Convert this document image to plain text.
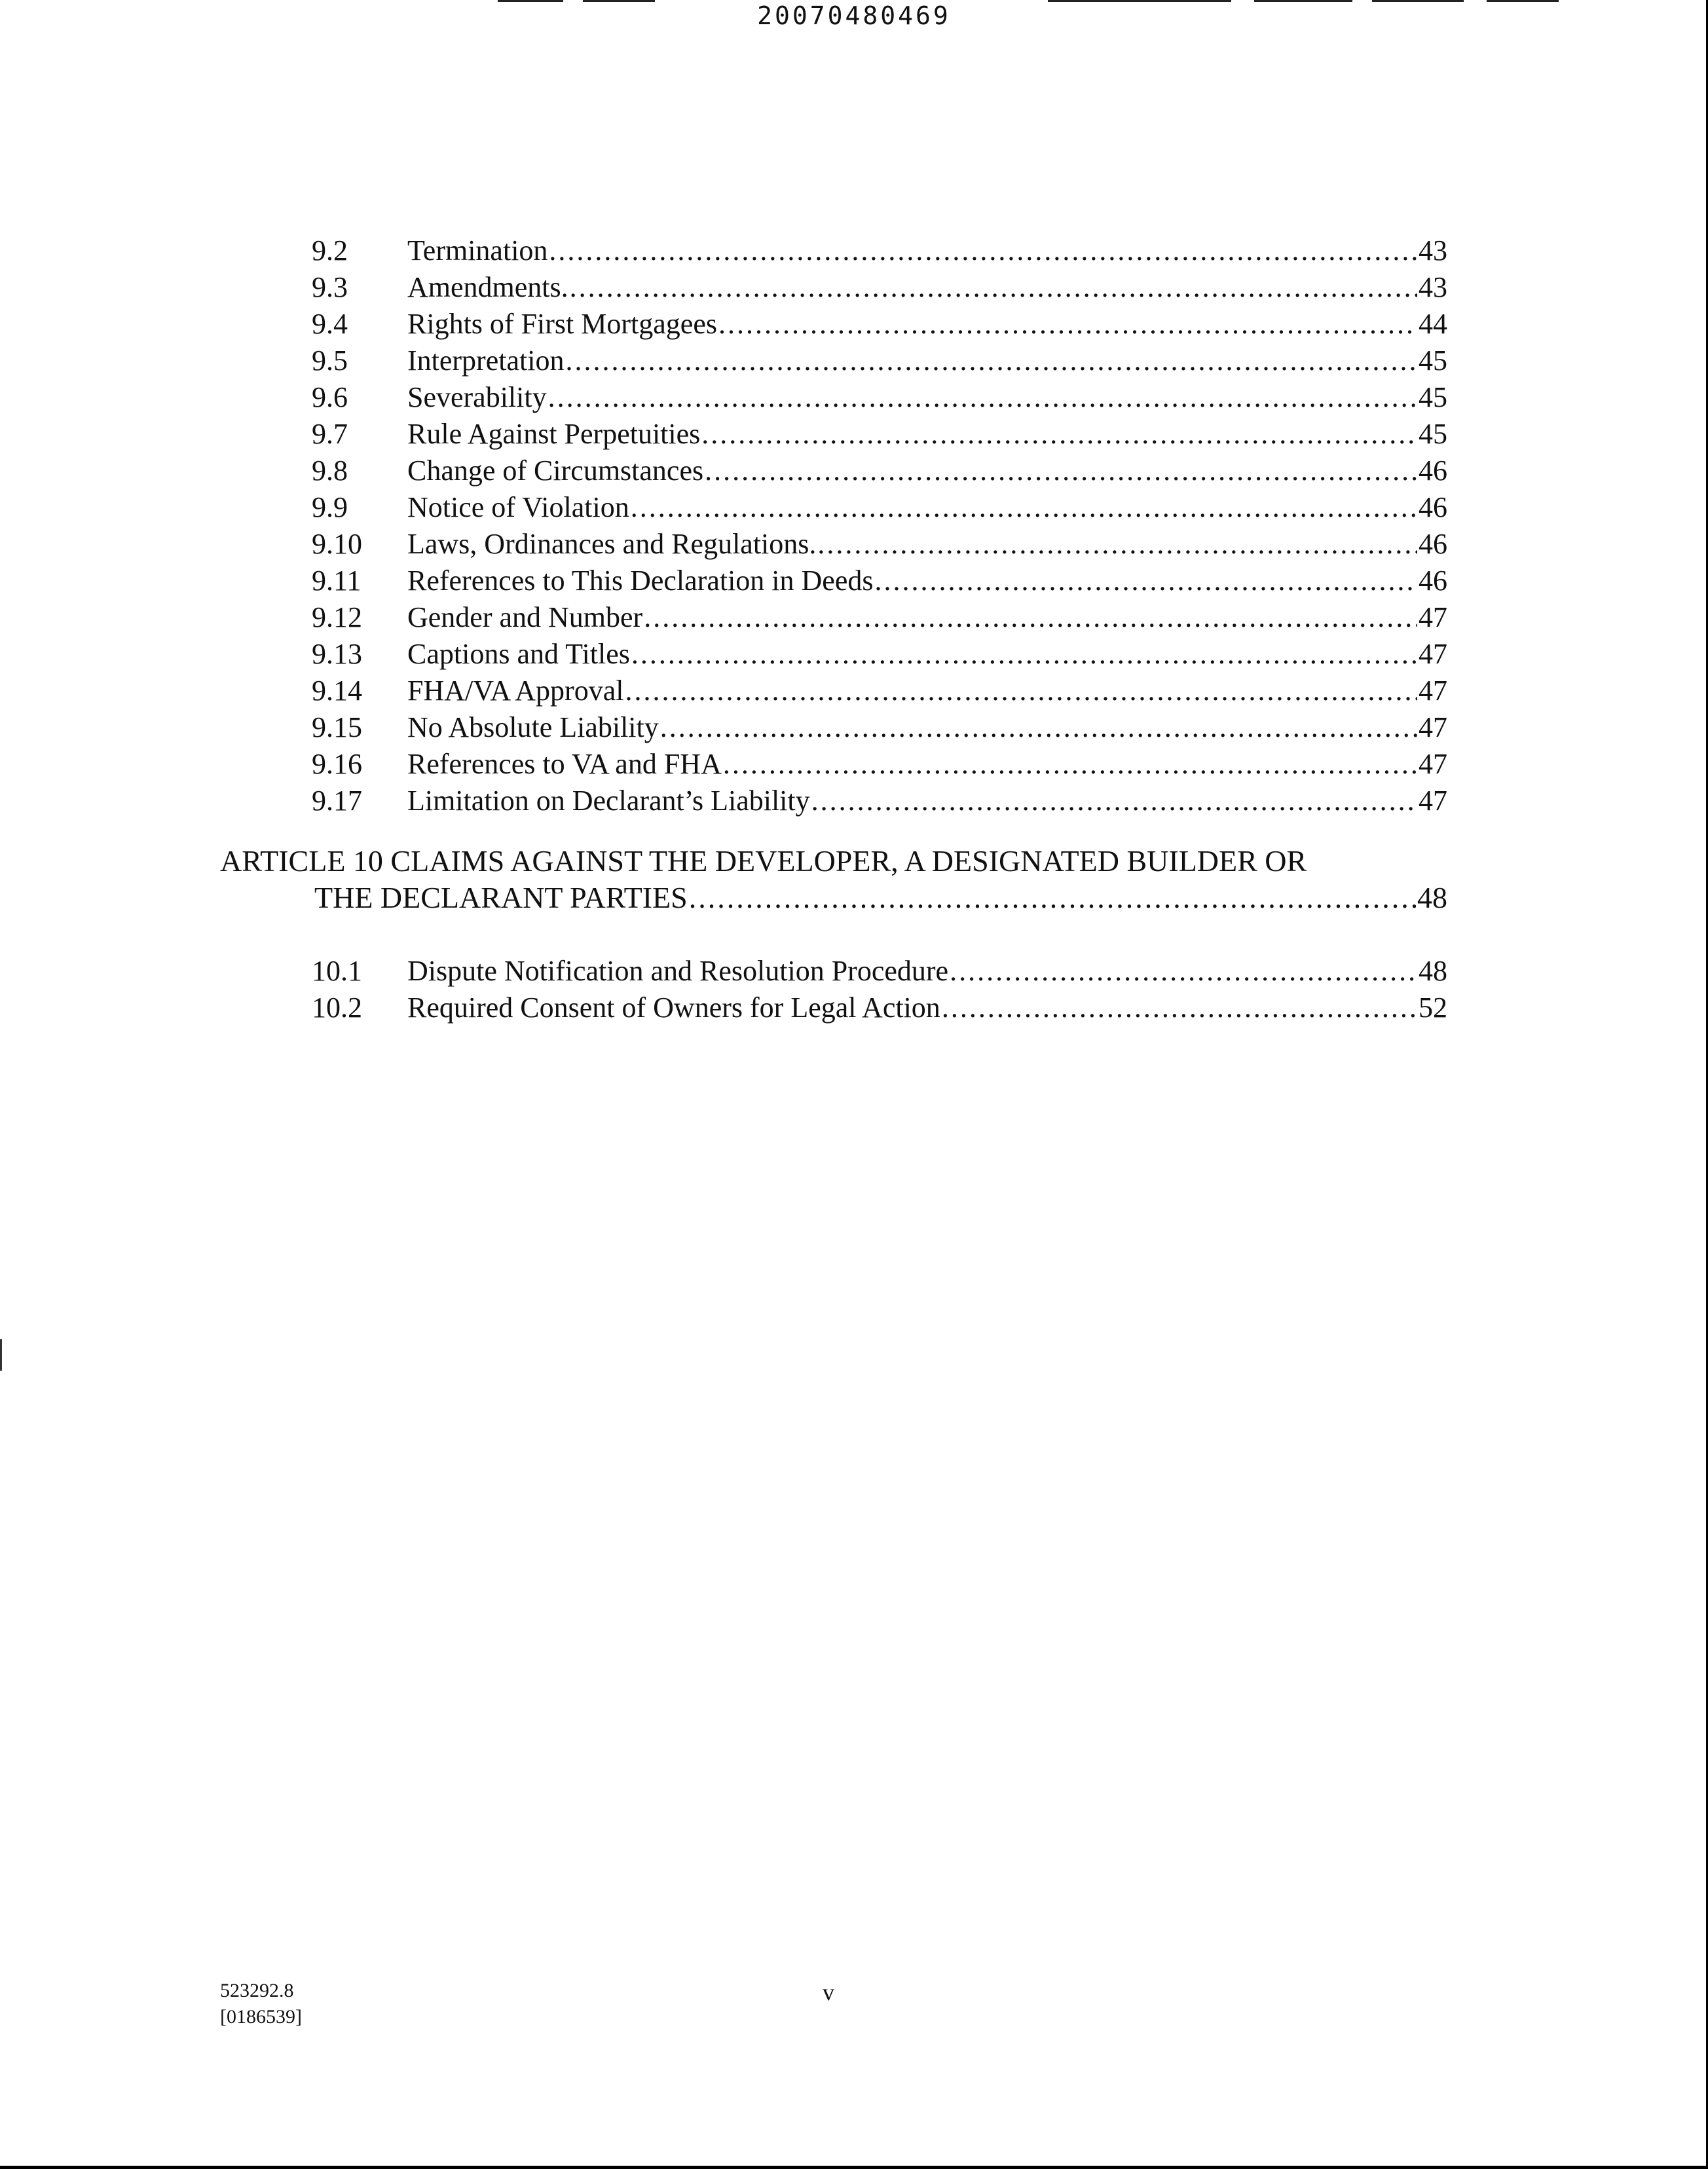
20070480469
9.2 Termination .....	43
9.3 Amendments. .....	43
9.4 Rights of First Mortgagees .....	44
9.5 Interpretation .....	45
9.6 Severability .....	45
9.7 Rule Against Perpetuities .....	45
9.8 Change of Circumstances .....	46
9.9 Notice of Violation .....	46
9.10 Laws, Ordinances and Regulations. .....	46
9.11 References to This Declaration in Deeds .....	46
9.12 Gender and Number .....	47
9.13 Captions and Titles .....	47
9.14 FHA/VA Approval .....	47
9.15 No Absolute Liability .....	47
9.16 References to VA and FHA .....	47
9.17 Limitation on Declarant’s Liability .....	47
ARTICLE 10 CLAIMS AGAINST THE DEVELOPER, A DESIGNATED BUILDER OR
THE DECLARANT PARTIES .....	48
10.1 Dispute Notification and Resolution Procedure .....	48
10.2 Required Consent of Owners for Legal Action .....	52
523292.8
[0186539]
v
